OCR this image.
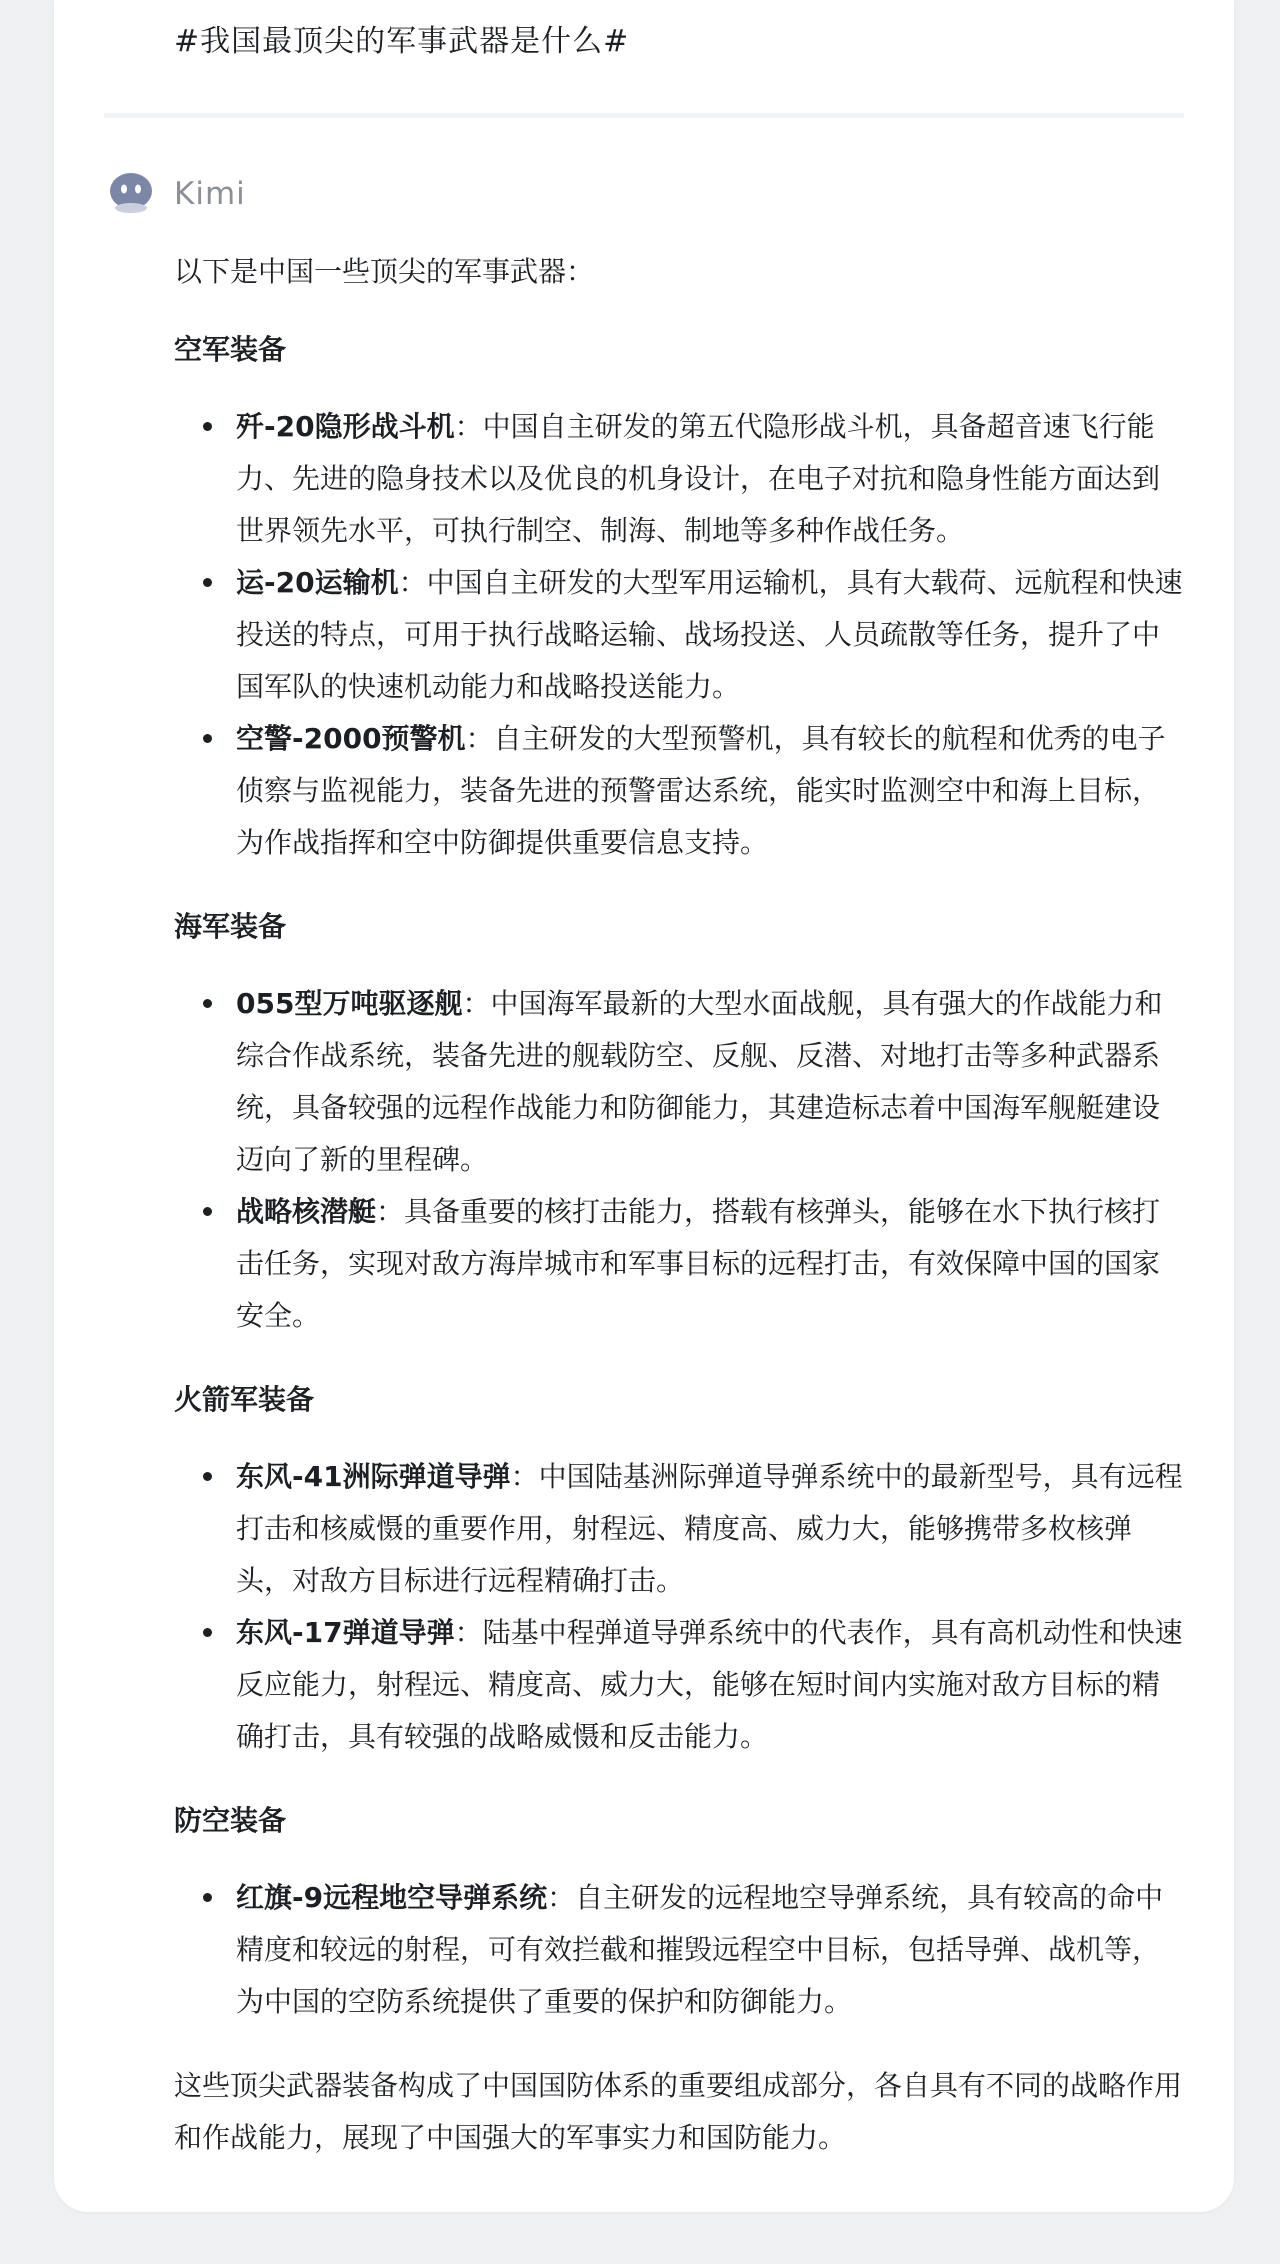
#我国最顶尖的军事武器是什么#
Kimi

以下是中国一些顶尖的军事武器：

空军装备

歼-20隐形战斗机：中国自主研发的第五代隐形战斗机，具备超音速飞行能力、先进的隐身技术以及优良的机身设计，在电子对抗和隐身性能方面达到世界领先水平，可执行制空、制海、制地等多种作战任务。
运-20运输机：中国自主研发的大型军用运输机，具有大载荷、远航程和快速投送的特点，可用于执行战略运输、战场投送、人员疏散等任务，提升了中国军队的快速机动能力和战略投送能力。
空警-2000预警机：自主研发的大型预警机，具有较长的航程和优秀的电子侦察与监视能力，装备先进的预警雷达系统，能实时监测空中和海上目标，为作战指挥和空中防御提供重要信息支持。

海军装备

055型万吨驱逐舰：中国海军最新的大型水面战舰，具有强大的作战能力和综合作战系统，装备先进的舰载防空、反舰、反潜、对地打击等多种武器系统，具备较强的远程作战能力和防御能力，其建造标志着中国海军舰艇建设迈向了新的里程碑。
战略核潜艇：具备重要的核打击能力，搭载有核弹头，能够在水下执行核打击任务，实现对敌方海岸城市和军事目标的远程打击，有效保障中国的国家安全。

火箭军装备

东风-41洲际弹道导弹：中国陆基洲际弹道导弹系统中的最新型号，具有远程打击和核威慑的重要作用，射程远、精度高、威力大，能够携带多枚核弹头，对敌方目标进行远程精确打击。
东风-17弹道导弹：陆基中程弹道导弹系统中的代表作，具有高机动性和快速反应能力，射程远、精度高、威力大，能够在短时间内实施对敌方目标的精确打击，具有较强的战略威慑和反击能力。

防空装备

红旗-9远程地空导弹系统：自主研发的远程地空导弹系统，具有较高的命中精度和较远的射程，可有效拦截和摧毁远程空中目标，包括导弹、战机等，为中国的空防系统提供了重要的保护和防御能力。

这些顶尖武器装备构成了中国国防体系的重要组成部分，各自具有不同的战略作用和作战能力，展现了中国强大的军事实力和国防能力。
